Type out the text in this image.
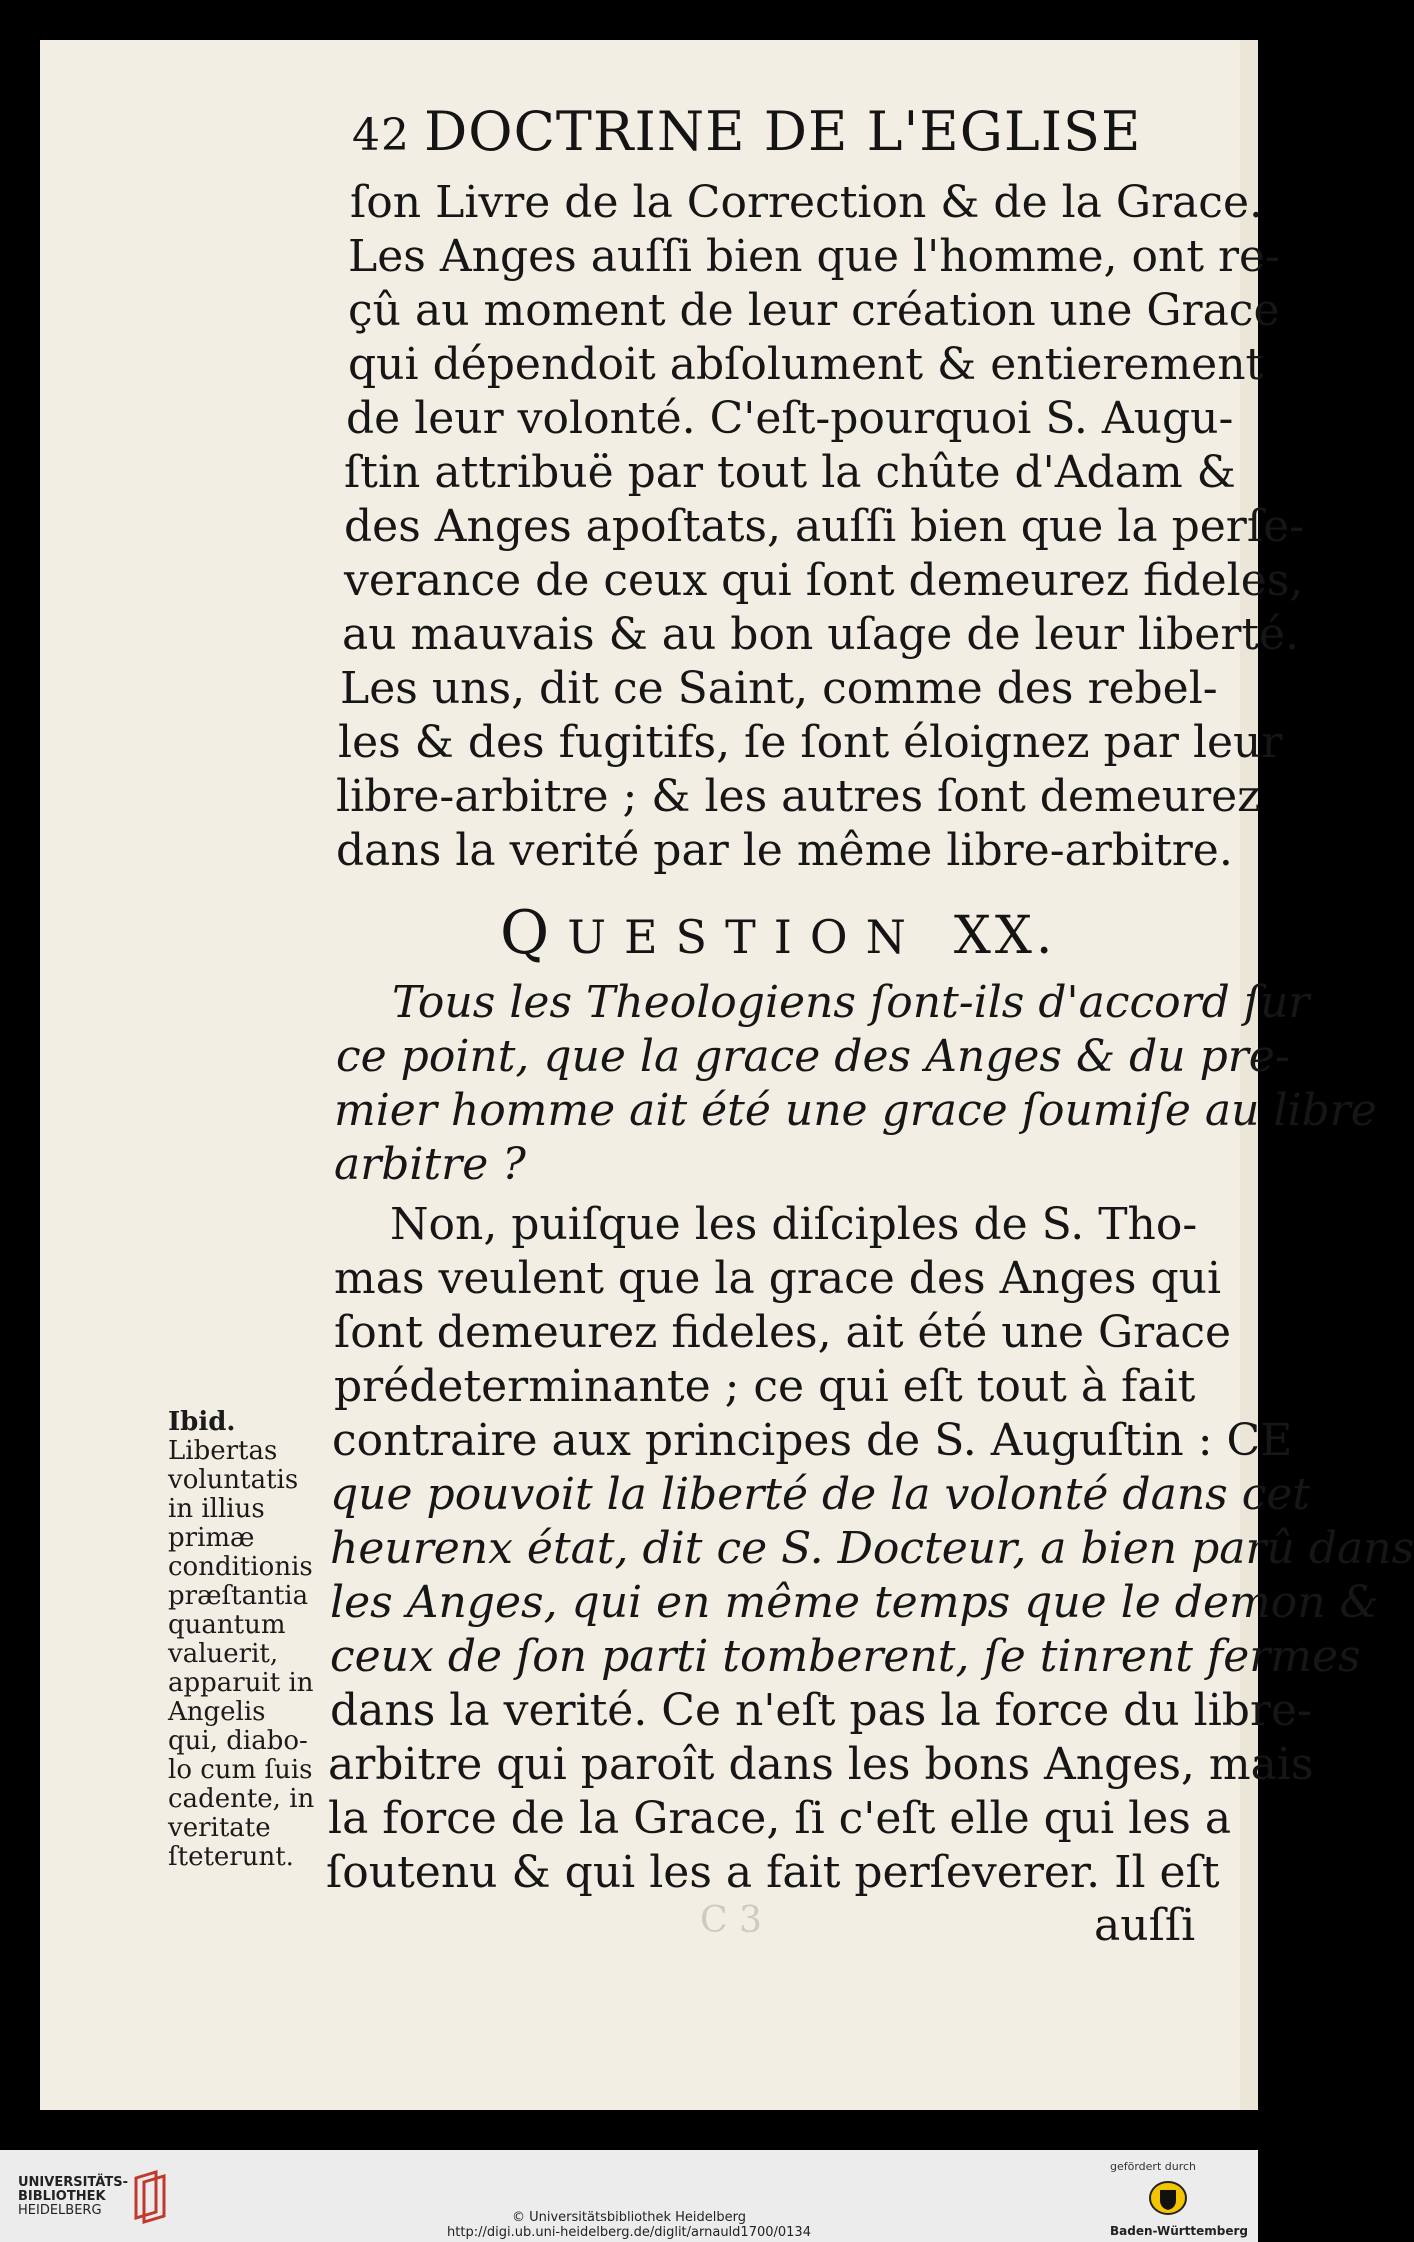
42 DOCTRINE DE L'EGLISE
ſon Livre de la Correction & de la Grace.
Les Anges auſſi bien que l'homme, ont re-
çû au moment de leur création une Grace
qui dépendoit abſolument & entierement
de leur volonté. C'eſt-pourquoi S. Augu-
ſtin attribuë par tout la chûte d'Adam &
des Anges apoſtats, auſſi bien que la perſe-
verance de ceux qui ſont demeurez fideles,
au mauvais & au bon uſage de leur liberté.
Les uns, dit ce Saint, comme des rebel-
les & des fugitifs, ſe ſont éloignez par leur
libre-arbitre ; & les autres ſont demeurez
dans la verité par le même libre-arbitre.
QUESTION XX.
Tous les Theologiens ſont-ils d'accord ſur
ce point, que la grace des Anges & du pre-
mier homme ait été une grace ſoumiſe au libre
arbitre ?
Non, puiſque les diſciples de S. Tho-
mas veulent que la grace des Anges qui
ſont demeurez fideles, ait été une Grace
prédeterminante ; ce qui eſt tout à fait
contraire aux principes de S. Auguſtin : CE
que pouvoit la liberté de la volonté dans cet
heurenx état, dit ce S. Docteur, a bien parû dans
les Anges, qui en même temps que le demon &
ceux de ſon parti tomberent, ſe tinrent fermes
dans la verité. Ce n'eſt pas la force du libre-
arbitre qui paroît dans les bons Anges, mais
la force de la Grace, ſi c'eſt elle qui les a
ſoutenu & qui les a fait perſeverer. Il eſt
Ibid.
Libertas
voluntatis
in illius
primæ
conditionis
præſtantia
quantum
valuerit,
apparuit in
Angelis
qui, diabo-
lo cum ſuis
cadente, in
veritate
ſteterunt.
C 3	auſſi
UNIVERSITÄTS-
BIBLIOTHEK
HEIDELBERG	© Universitätsbibliothek Heidelberg
http://digi.ub.uni-heidelberg.de/diglit/arnauld1700/0134
gefördert durch
Baden-Württemberg
